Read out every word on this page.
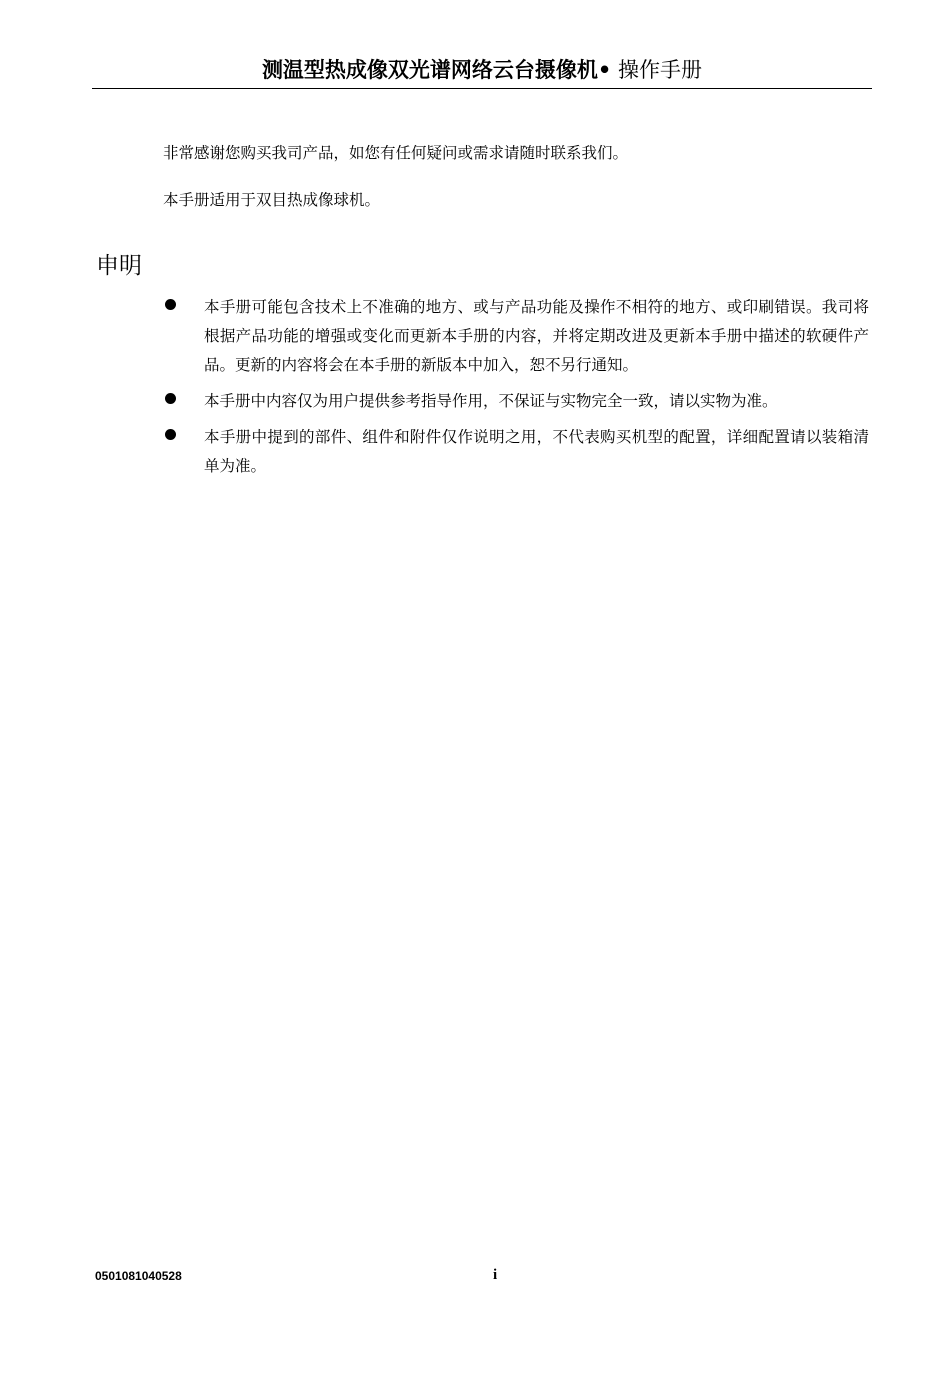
测温型热成像双光谱网络云台摄像机• 操作手册
非常感谢您购买我司产品，如您有任何疑问或需求请随时联系我们。
本手册适用于双目热成像球机。
申明
本手册可能包含技术上不准确的地方、或与产品功能及操作不相符的地方、或印刷错误。我司将根据产品功能的增强或变化而更新本手册的内容，并将定期改进及更新本手册中描述的软硬件产品。更新的内容将会在本手册的新版本中加入，恕不另行通知。
本手册中内容仅为用户提供参考指导作用，不保证与实物完全一致，请以实物为准。
本手册中提到的部件、组件和附件仅作说明之用，不代表购买机型的配置，详细配置请以装箱清单为准。
0501081040528	i
